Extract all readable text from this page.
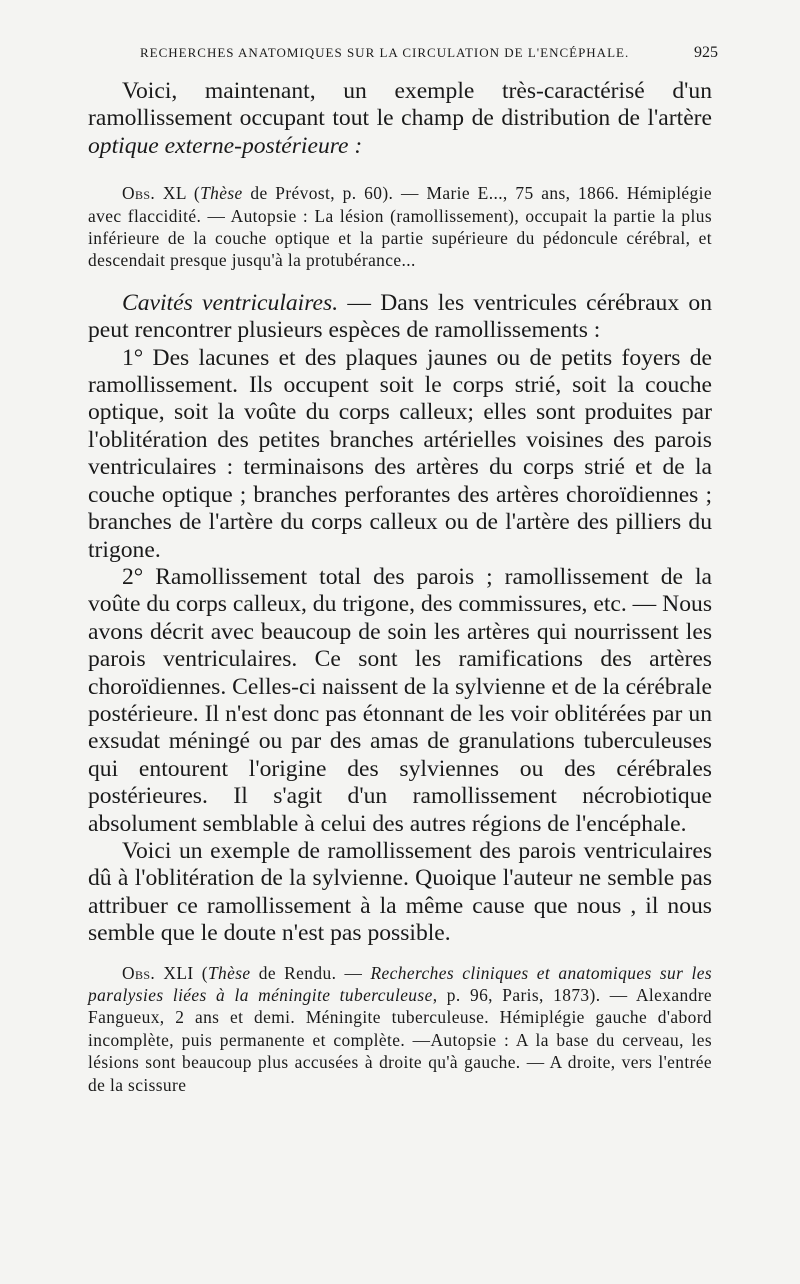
RECHERCHES ANATOMIQUES SUR LA CIRCULATION DE L'ENCÉPHALE.	925

Voici, maintenant, un exemple très-caractérisé d'un ramollissement occupant tout le champ de distribution de l'artère optique externe-postérieure :

Obs. XL (Thèse de Prévost, p. 60). — Marie E..., 75 ans, 1866. Hémiplégie avec flaccidité. — Autopsie : La lésion (ramollissement), occupait la partie la plus inférieure de la couche optique et la partie supérieure du pédoncule cérébral, et descendait presque jusqu'à la protubérance...

Cavités ventriculaires. — Dans les ventricules cérébraux on peut rencontrer plusieurs espèces de ramollissements :

1° Des lacunes et des plaques jaunes ou de petits foyers de ramollissement. Ils occupent soit le corps strié, soit la couche optique, soit la voûte du corps calleux; elles sont produites par l'oblitération des petites branches artérielles voisines des parois ventriculaires : terminaisons des artères du corps strié et de la couche optique ; branches perforantes des artères choroïdiennes ; branches de l'artère du corps calleux ou de l'artère des pilliers du trigone.

2° Ramollissement total des parois ; ramollissement de la voûte du corps calleux, du trigone, des commissures, etc. — Nous avons décrit avec beaucoup de soin les artères qui nourrissent les parois ventriculaires. Ce sont les ramifications des artères choroïdiennes. Celles-ci naissent de la sylvienne et de la cérébrale postérieure. Il n'est donc pas étonnant de les voir oblitérées par un exsudat méningé ou par des amas de granulations tuberculeuses qui entourent l'origine des sylviennes ou des cérébrales postérieures. Il s'agit d'un ramollissement nécrobiotique absolument semblable à celui des autres régions de l'encéphale.

Voici un exemple de ramollissement des parois ventriculaires dû à l'oblitération de la sylvienne. Quoique l'auteur ne semble pas attribuer ce ramollissement à la même cause que nous , il nous semble que le doute n'est pas possible.

Obs. XLI (Thèse de Rendu. — Recherches cliniques et anatomiques sur les paralysies liées à la méningite tuberculeuse, p. 96, Paris, 1873). — Alexandre Fangueux, 2 ans et demi. Méningite tuberculeuse. Hémiplégie gauche d'abord incomplète, puis permanente et complète. —Autopsie : A la base du cerveau, les lésions sont beaucoup plus accusées à droite qu'à gauche. — A droite, vers l'entrée de la scissure
